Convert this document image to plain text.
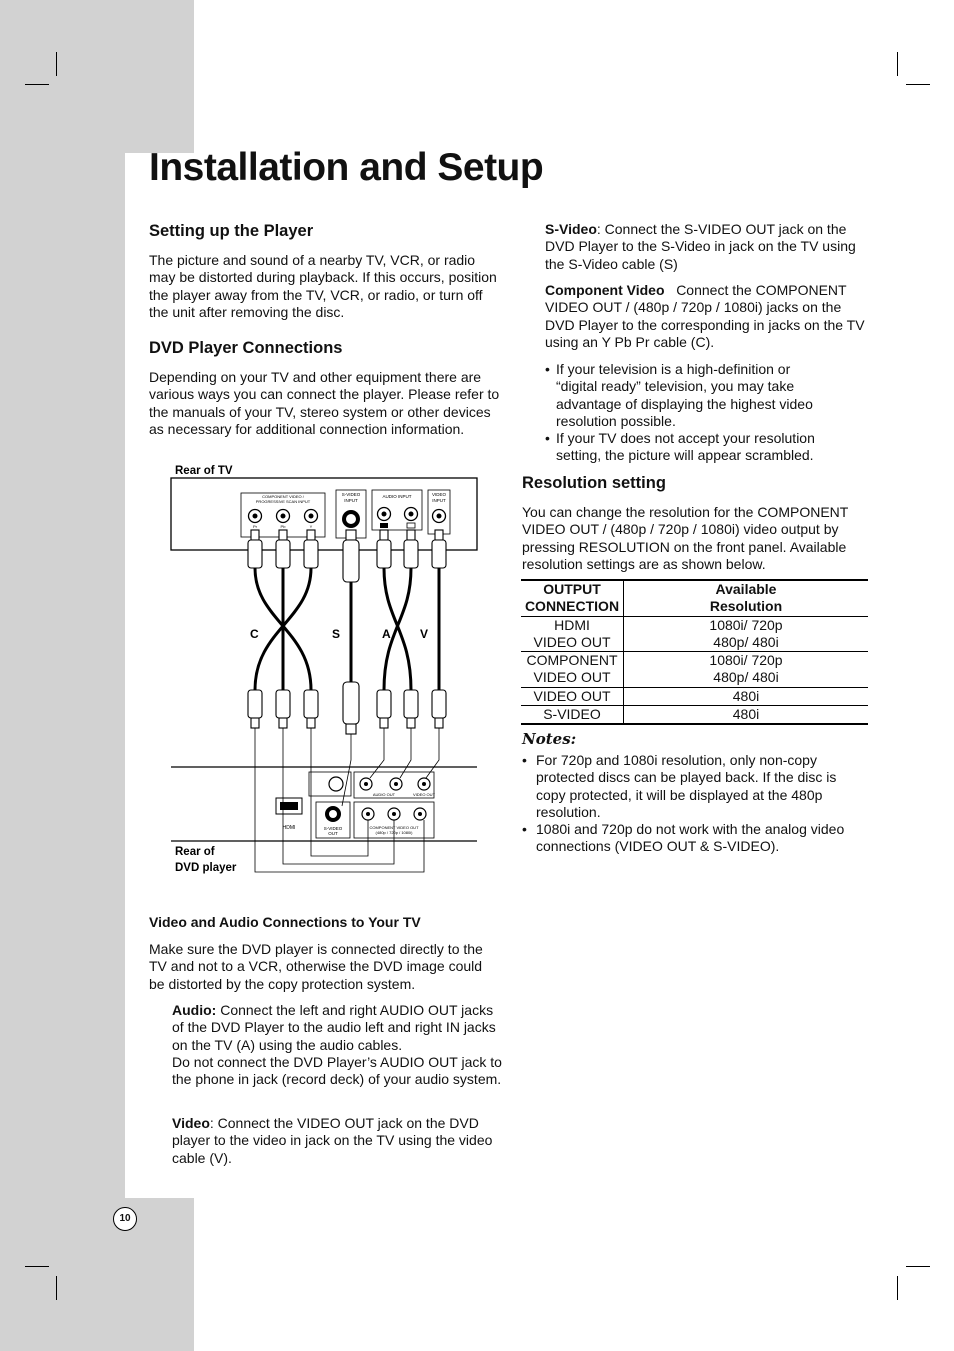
Installation and Setup
Setting up the Player

The picture and sound of a nearby TV, VCR, or radio may be distorted during playback. If this occurs, position the player away from the TV, VCR, or radio, or turn off the unit after removing the disc.

DVD Player Connections

Depending on your TV and other equipment there are various ways you can connect the player. Please refer to the manuals of your TV, stereo system or other devices as necessary for additional connection information.

Rear of TV
COMPONENT VIDEO /
PROGRESSIVE SCAN INPUT
Pr	Pb	Y
S-VIDEO
INPUT
AUDIO INPUT	VIDEO
INPUT
C	S	A V
HDMI
AUDIO OUT	VIDEO OUT
S-VIDEO
OUT
COMPONENT VIDEO OUT
(480p / 720p / 1080i)
Rear of
DVD player
Video and Audio Connections to Your TV

Make sure the DVD player is connected directly to the TV and not to a VCR, otherwise the DVD image could be distorted by the copy protection system.

Audio: Connect the left and right AUDIO OUT jacks of the DVD Player to the audio left and right IN jacks on the TV (A) using the audio cables.

Do not connect the DVD Player’s AUDIO OUT jack to the phone in jack (record deck) of your audio system.

Video: Connect the VIDEO OUT jack on the DVD player to the video in jack on the TV using the video cable (V).

S-Video: Connect the S-VIDEO OUT jack on the DVD Player to the S-Video in jack on the TV using the S-Video cable (S)

Component Video   Connect the COMPONENT VIDEO OUT / (480p / 720p / 1080i) jacks on the DVD Player to the corresponding in jacks on the TV using an Y Pb Pr cable (C).

• If your television is a high-definition or “digital ready” television, you may take advantage of displaying the highest video resolution possible.
• If your TV does not accept your resolution setting, the picture will appear scrambled.
Resolution setting

You can change the resolution for the COMPONENT VIDEO OUT / (480p / 720p / 1080i) video output by pressing RESOLUTION on the front panel. Available resolution settings are as shown below.

OUTPUT
CONNECTION	Available
Resolution
HDMI	1080i/ 720p
VIDEO OUT	480p/ 480i
COMPONENT	1080i/ 720p
VIDEO OUT	480p/ 480i
VIDEO OUT	480i
S-VIDEO	480i
Notes:
• For 720p and 1080i resolution, only non-copy protected discs can be played back. If the disc is copy protected, it will be displayed at the 480p resolution.
• 1080i and 720p do not work with the analog video connections (VIDEO OUT & S-VIDEO).
10
